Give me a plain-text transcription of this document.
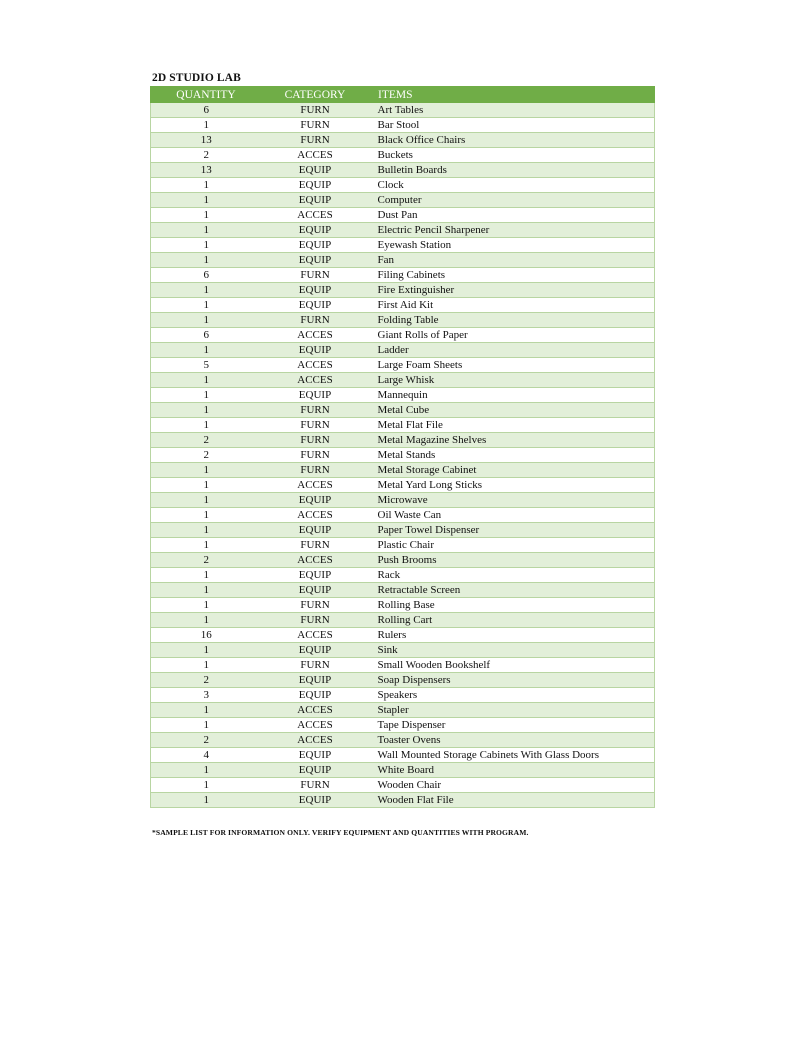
2D STUDIO LAB
QUANTITY	CATEGORY	ITEMS
6	FURN	Art Tables
1	FURN	Bar Stool
13	FURN	Black Office Chairs
2	ACCES	Buckets
13	EQUIP	Bulletin Boards
1	EQUIP	Clock
1	EQUIP	Computer
1	ACCES	Dust Pan
1	EQUIP	Electric Pencil Sharpener
1	EQUIP	Eyewash Station
1	EQUIP	Fan
6	FURN	Filing Cabinets
1	EQUIP	Fire Extinguisher
1	EQUIP	First Aid Kit
1	FURN	Folding Table
6	ACCES	Giant Rolls of Paper
1	EQUIP	Ladder
5	ACCES	Large Foam Sheets
1	ACCES	Large Whisk
1	EQUIP	Mannequin
1	FURN	Metal Cube
1	FURN	Metal Flat File
2	FURN	Metal Magazine Shelves
2	FURN	Metal Stands
1	FURN	Metal Storage Cabinet
1	ACCES	Metal Yard Long Sticks
1	EQUIP	Microwave
1	ACCES	Oil Waste Can
1	EQUIP	Paper Towel Dispenser
1	FURN	Plastic Chair
2	ACCES	Push Brooms
1	EQUIP	Rack
1	EQUIP	Retractable Screen
1	FURN	Rolling Base
1	FURN	Rolling Cart
16	ACCES	Rulers
1	EQUIP	Sink
1	FURN	Small Wooden Bookshelf
2	EQUIP	Soap Dispensers
3	EQUIP	Speakers
1	ACCES	Stapler
1	ACCES	Tape Dispenser
2	ACCES	Toaster Ovens
4	EQUIP	Wall Mounted Storage Cabinets With Glass Doors
1	EQUIP	White Board
1	FURN	Wooden Chair
1	EQUIP	Wooden Flat File
*SAMPLE LIST FOR INFORMATION ONLY. VERIFY EQUIPMENT AND QUANTITIES WITH PROGRAM.
